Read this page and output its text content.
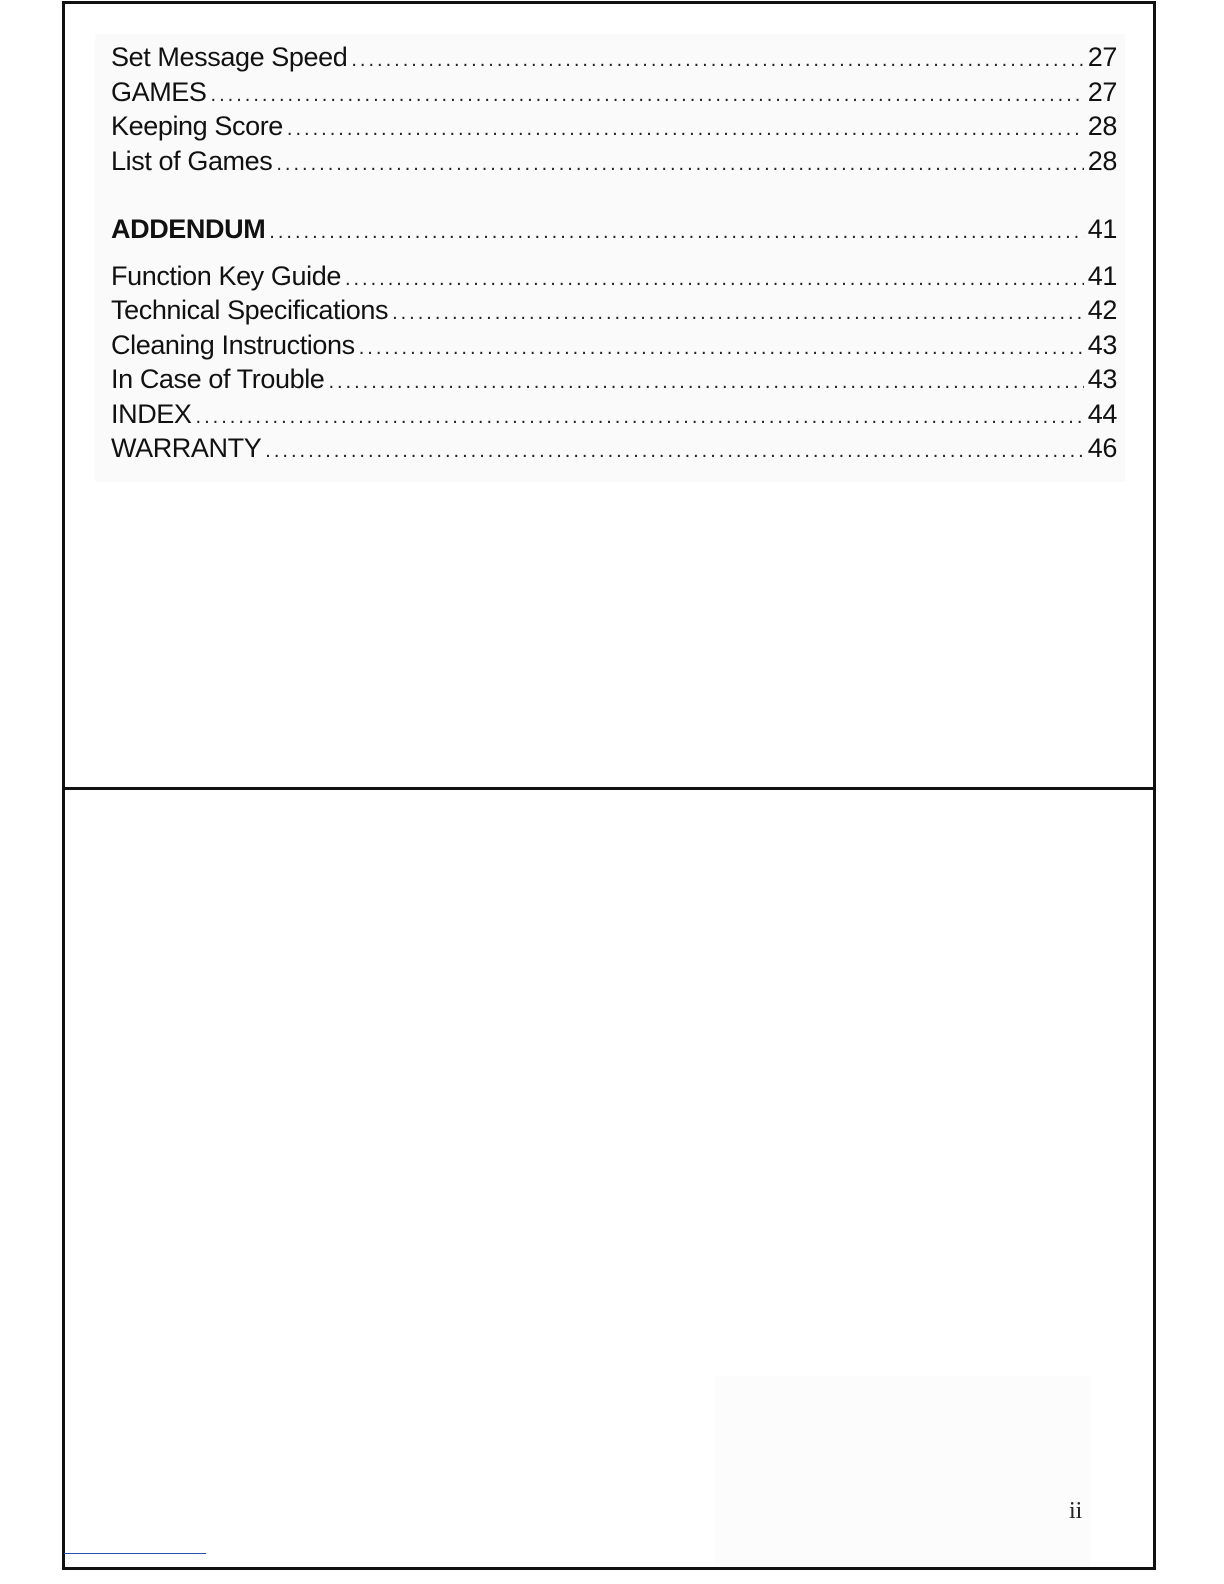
Set Message Speed .....	27
GAMES .....	27
Keeping Score .....	28
List of Games .....	28
ADDENDUM .....	41
Function Key Guide .....	41
Technical Specifications .....	42
Cleaning Instructions .....	43
In Case of Trouble .....	43
INDEX .....	44
WARRANTY .....	46
ii
